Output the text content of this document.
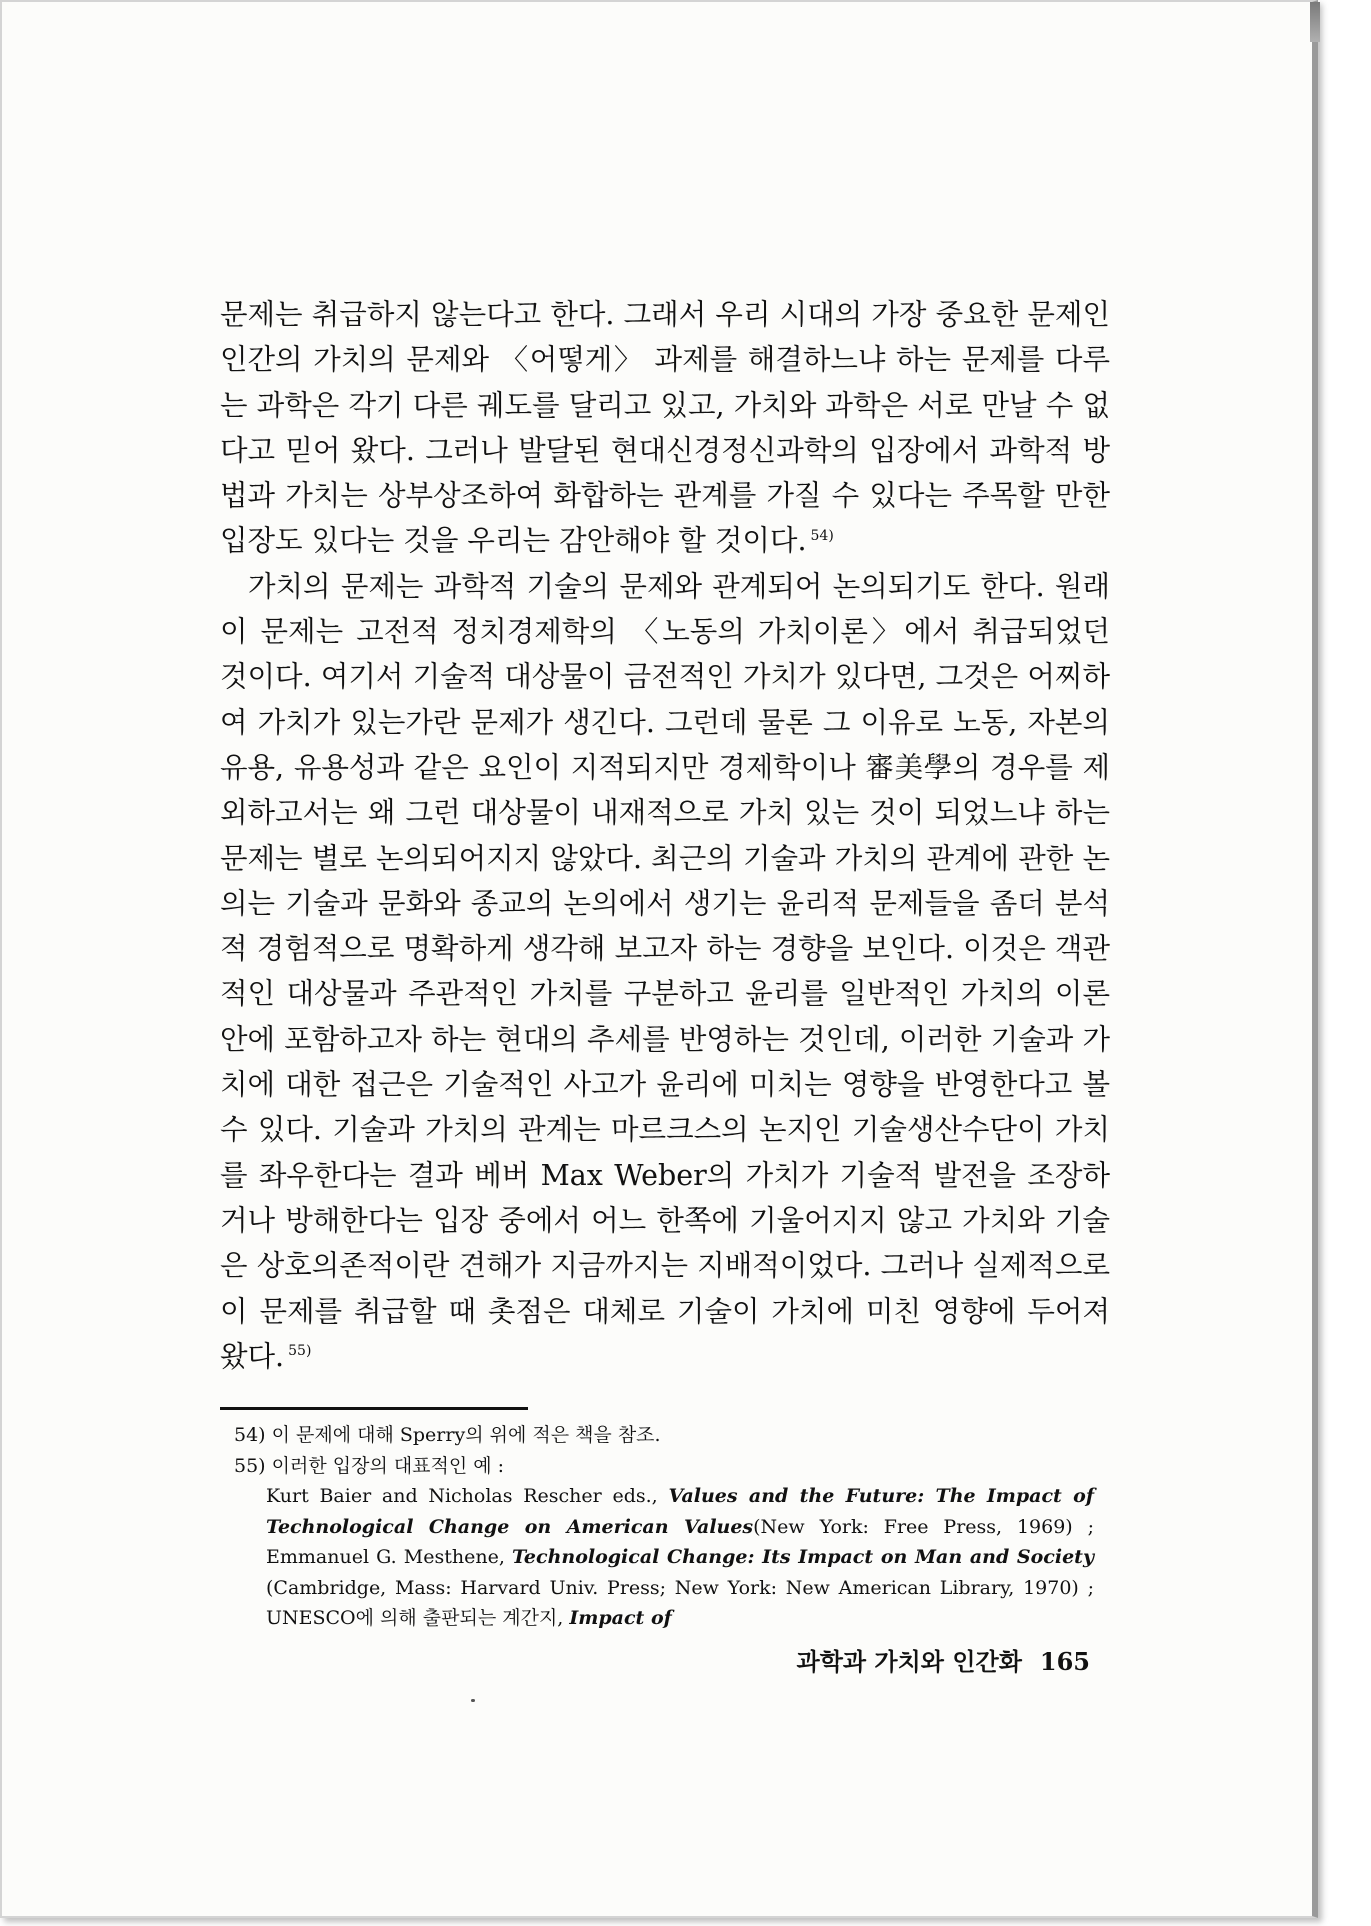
문제는 취급하지 않는다고 한다. 그래서 우리 시대의 가장 중요한 문제인 인간의 가치의 문제와 〈어떻게〉 과제를 해결하느냐 하는 문제를 다루는 과학은 각기 다른 궤도를 달리고 있고, 가치와 과학은 서로 만날 수 없다고 믿어 왔다. 그러나 발달된 현대신경정신과학의 입장에서 과학적 방법과 가치는 상부상조하여 화합하는 관계를 가질 수 있다는 주목할 만한 입장도 있다는 것을 우리는 감안해야 할 것이다. $^{54)}$

가치의 문제는 과학적 기술의 문제와 관계되어 논의되기도 한다. 원래 이 문제는 고전적 정치경제학의 〈노동의 가치이론〉에서 취급되었던 것이다. 여기서 기술적 대상물이 금전적인 가치가 있다면, 그것은 어찌하여 가치가 있는가란 문제가 생긴다. 그런데 물론 그 이유로 노동, 자본의 유용, 유용성과 같은 요인이 지적되지만 경제학이나 審美學의 경우를 제외하고서는 왜 그런 대상물이 내재적으로 가치 있는 것이 되었느냐 하는 문제는 별로 논의되어지지 않았다. 최근의 기술과 가치의 관계에 관한 논의는 기술과 문화와 종교의 논의에서 생기는 윤리적 문제들을 좀더 분석적 경험적으로 명확하게 생각해 보고자 하는 경향을 보인다. 이것은 객관적인 대상물과 주관적인 가치를 구분하고 윤리를 일반적인 가치의 이론 안에 포함하고자 하는 현대의 추세를 반영하는 것인데, 이러한 기술과 가치에 대한 접근은 기술적인 사고가 윤리에 미치는 영향을 반영한다고 볼 수 있다. 기술과 가치의 관계는 마르크스의 논지인 기술생산수단이 가치를 좌우한다는 결과 베버 Max Weber의 가치가 기술적 발전을 조장하거나 방해한다는 입장 중에서 어느 한쪽에 기울어지지 않고 가치와 기술은 상호의존적이란 견해가 지금까지는 지배적이었다. 그러나 실제적으로 이 문제를 취급할 때 촛점은 대체로 기술이 가치에 미친 영향에 두어져 왔다. $^{55)}$

54) 이 문제에 대해 Sperry의 위에 적은 책을 참조.

55) 이러한 입장의 대표적인 예 :

Kurt Baier and Nicholas Rescher eds., Values and the Future: The Impact of Technological Change on American Values(New York: Free Press, 1969) ; Emmanuel G. Mesthene, Technological Change: Its Impact on Man and Society (Cambridge, Mass: Harvard Univ. Press; New York: New American Library, 1970) ; UNESCO에 의해 출판되는 계간지, Impact of

과학과 가치와 인간화 165
